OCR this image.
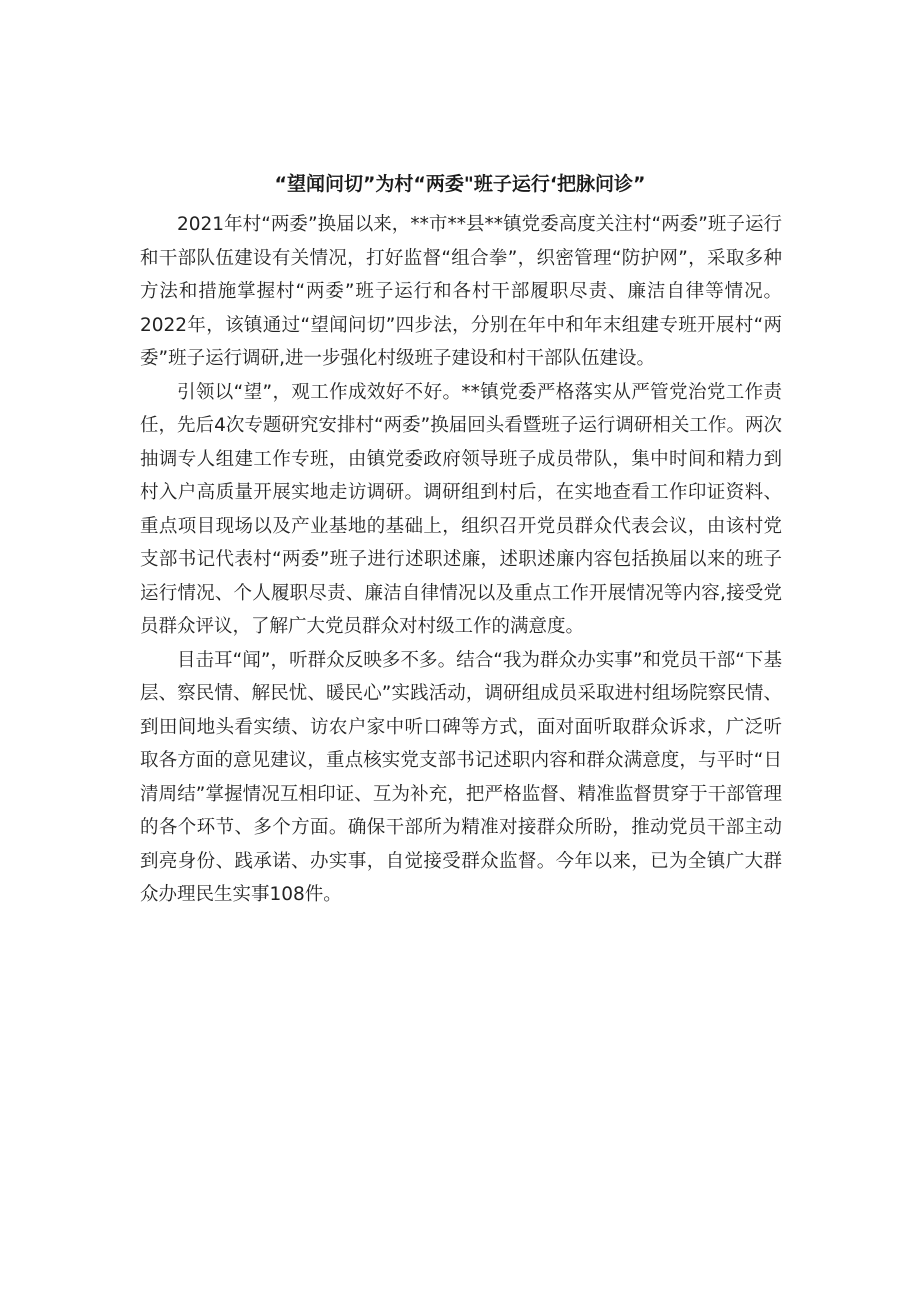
“望闻问切”为村“两委"班子运行‘把脉问诊”

2021年村“两委”换届以来，**市**县**镇党委高度关注村“两委”班子运行和干部队伍建设有关情况，打好监督“组合拳”，织密管理“防护网”，采取多种方法和措施掌握村“两委”班子运行和各村干部履职尽责、廉洁自律等情况。2022年，该镇通过“望闻问切”四步法，分别在年中和年末组建专班开展村“两委”班子运行调研,进一步强化村级班子建设和村干部队伍建设。

引领以“望”，观工作成效好不好。**镇党委严格落实从严管党治党工作责任，先后4次专题研究安排村“两委”换届回头看暨班子运行调研相关工作。两次抽调专人组建工作专班，由镇党委政府领导班子成员带队，集中时间和精力到村入户高质量开展实地走访调研。调研组到村后，在实地查看工作印证资料、重点项目现场以及产业基地的基础上，组织召开党员群众代表会议，由该村党支部书记代表村“两委”班子进行述职述廉，述职述廉内容包括换届以来的班子运行情况、个人履职尽责、廉洁自律情况以及重点工作开展情况等内容,接受党员群众评议，了解广大党员群众对村级工作的满意度。

目击耳“闻”，听群众反映多不多。结合“我为群众办实事”和党员干部“下基层、察民情、解民忧、暖民心”实践活动，调研组成员采取进村组场院察民情、到田间地头看实绩、访农户家中听口碑等方式，面对面听取群众诉求，广泛听取各方面的意见建议，重点核实党支部书记述职内容和群众满意度，与平时“日清周结”掌握情况互相印证、互为补充，把严格监督、精准监督贯穿于干部管理的各个环节、多个方面。确保干部所为精准对接群众所盼，推动党员干部主动到亮身份、践承诺、办实事，自觉接受群众监督。今年以来，已为全镇广大群众办理民生实事108件。
